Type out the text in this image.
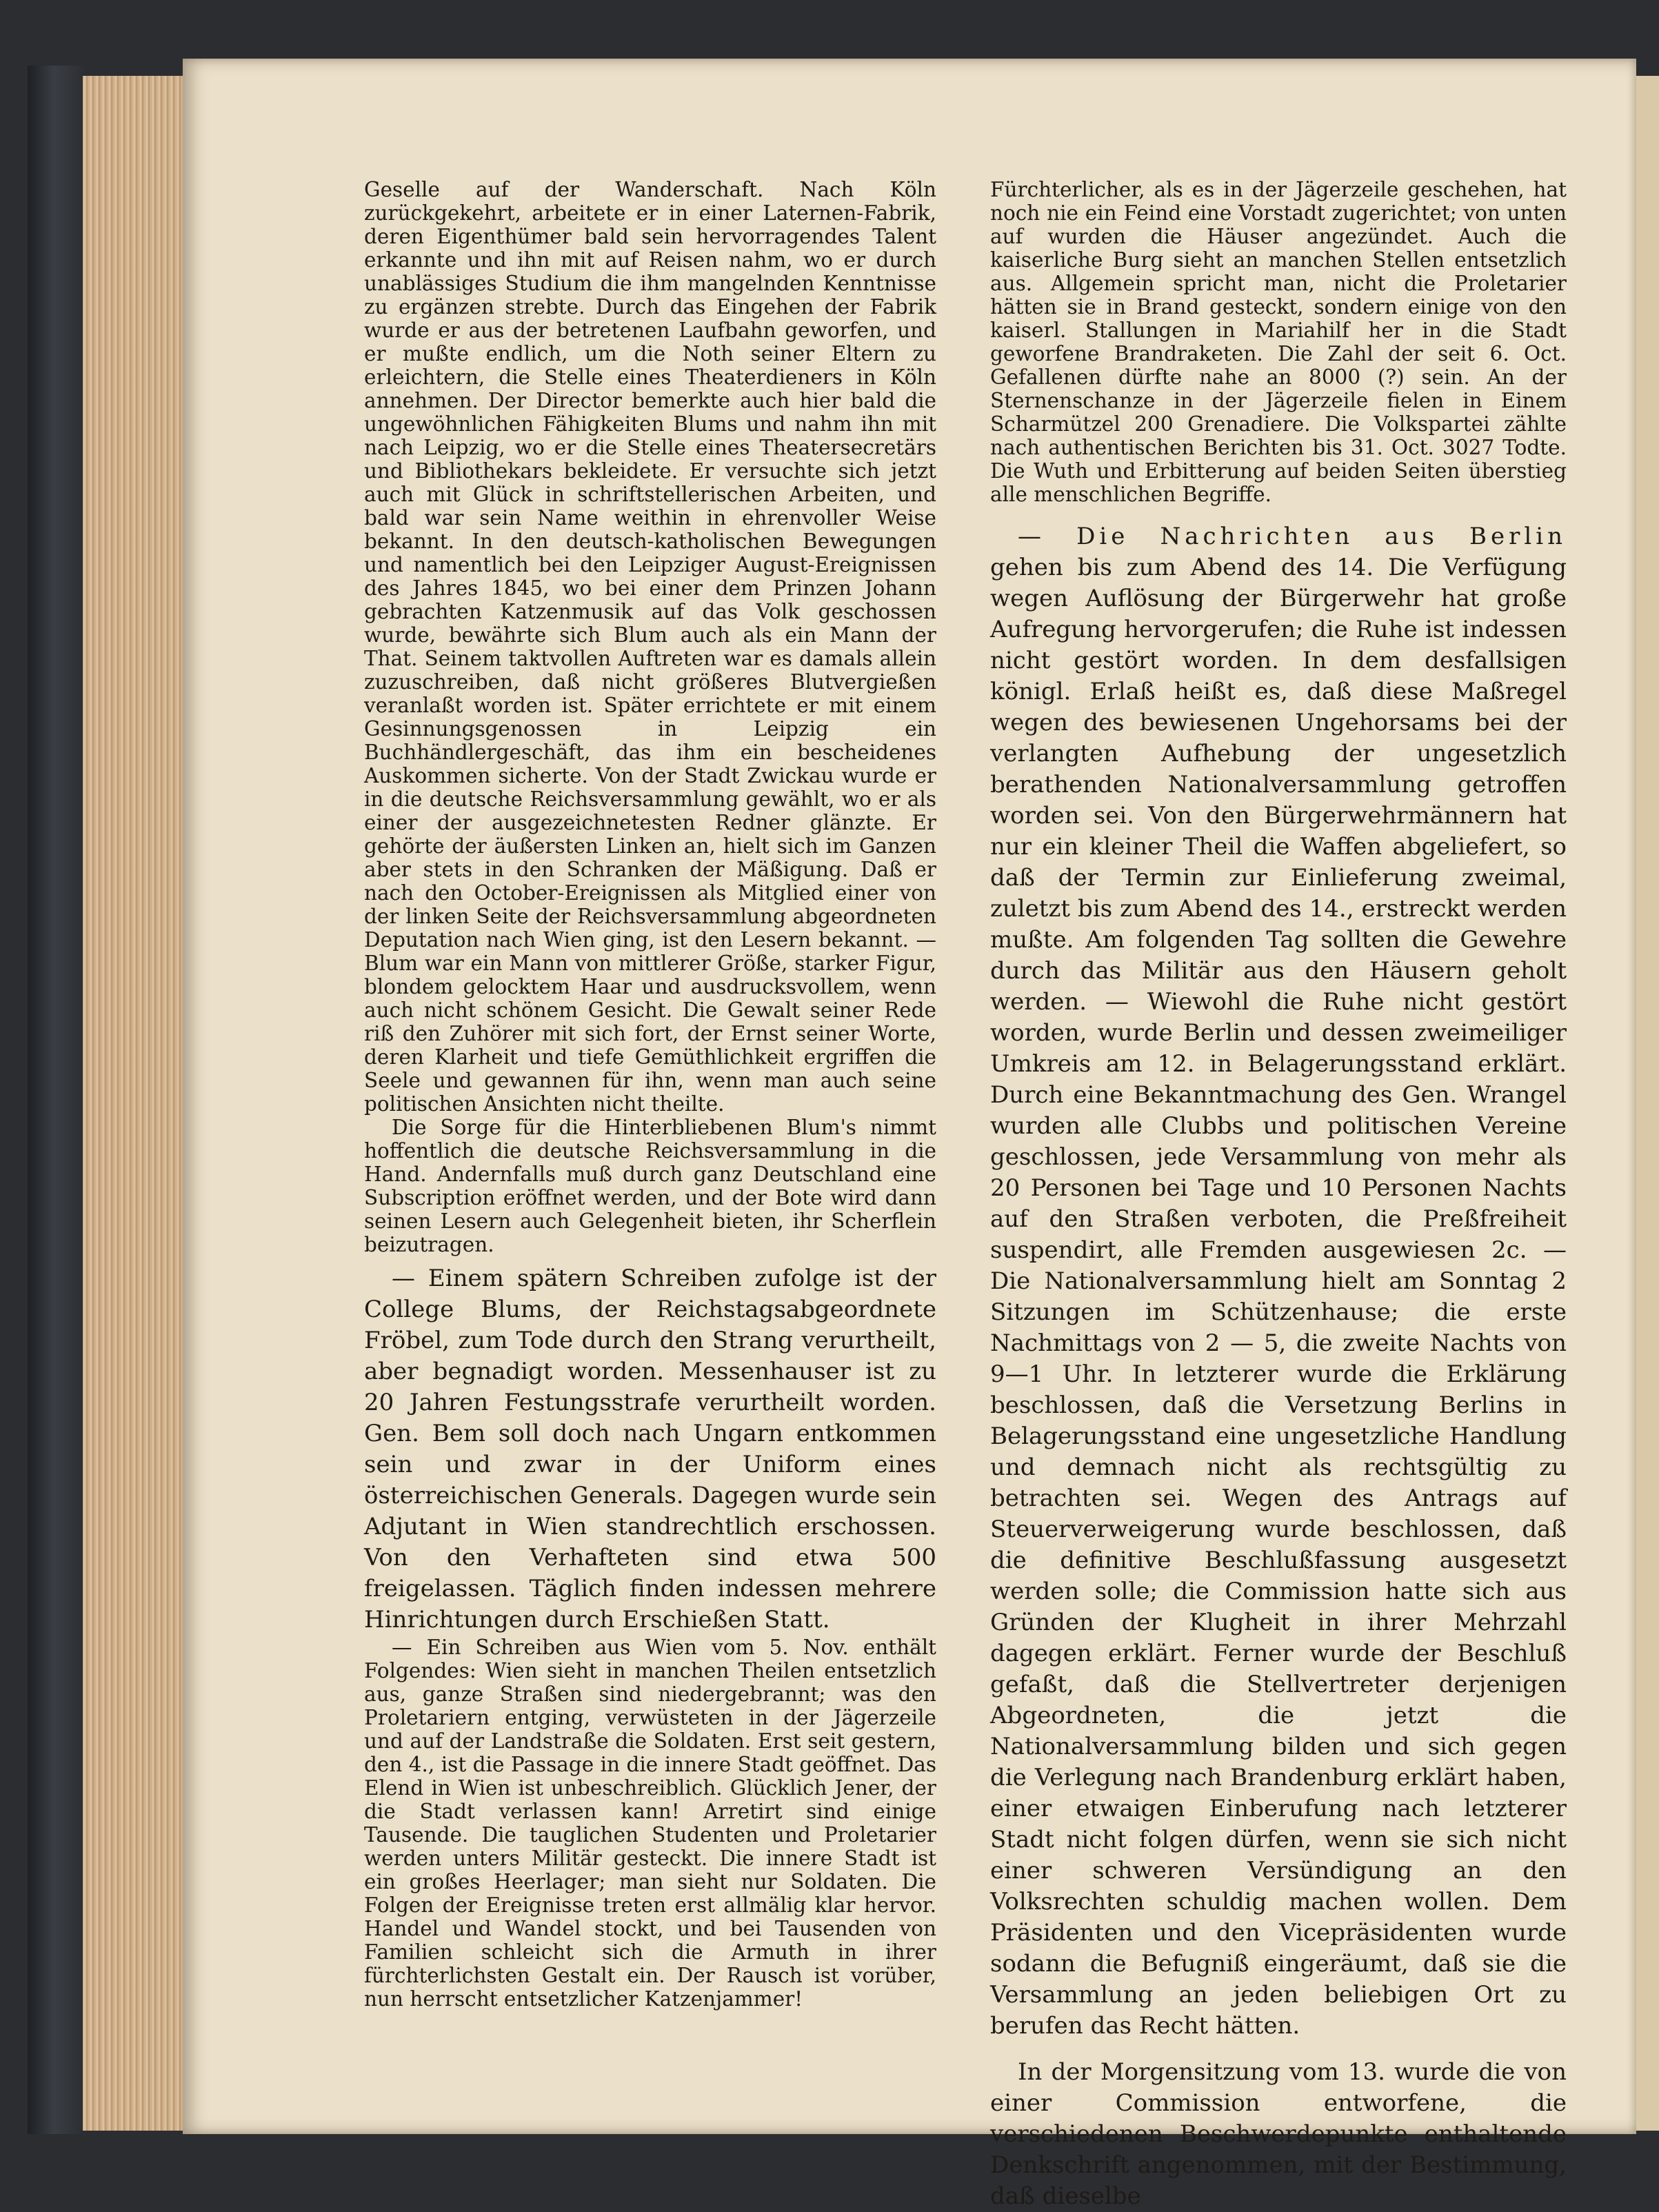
Geselle auf der Wanderschaft. Nach Köln zurückgekehrt, arbeitete er in einer Laternen-Fabrik, deren Eigenthümer bald sein hervorragendes Talent erkannte und ihn mit auf Reisen nahm, wo er durch unablässiges Studium die ihm mangelnden Kenntnisse zu ergänzen strebte. Durch das Eingehen der Fabrik wurde er aus der betretenen Laufbahn geworfen, und er mußte endlich, um die Noth seiner Eltern zu erleichtern, die Stelle eines Theaterdieners in Köln annehmen. Der Director bemerkte auch hier bald die ungewöhnlichen Fähigkeiten Blums und nahm ihn mit nach Leipzig, wo er die Stelle eines Theatersecretärs und Bibliothekars bekleidete. Er versuchte sich jetzt auch mit Glück in schriftstellerischen Arbeiten, und bald war sein Name weithin in ehrenvoller Weise bekannt. In den deutsch-katholischen Bewegungen und namentlich bei den Leipziger August-Ereignissen des Jahres 1845, wo bei einer dem Prinzen Johann gebrachten Katzenmusik auf das Volk geschossen wurde, bewährte sich Blum auch als ein Mann der That. Seinem taktvollen Auftreten war es damals allein zuzuschreiben, daß nicht größeres Blutvergießen veranlaßt worden ist. Später errichtete er mit einem Gesinnungsgenossen in Leipzig ein Buchhändlergeschäft, das ihm ein bescheidenes Auskommen sicherte. Von der Stadt Zwickau wurde er in die deutsche Reichsversammlung gewählt, wo er als einer der ausgezeichnetesten Redner glänzte. Er gehörte der äußersten Linken an, hielt sich im Ganzen aber stets in den Schranken der Mäßigung. Daß er nach den October-Ereignissen als Mitglied einer von der linken Seite der Reichsversammlung abgeordneten Deputation nach Wien ging, ist den Lesern bekannt. — Blum war ein Mann von mittlerer Größe, starker Figur, blondem gelocktem Haar und ausdrucksvollem, wenn auch nicht schönem Gesicht. Die Gewalt seiner Rede riß den Zuhörer mit sich fort, der Ernst seiner Worte, deren Klarheit und tiefe Gemüthlichkeit ergriffen die Seele und gewannen für ihn, wenn man auch seine politischen Ansichten nicht theilte.

Die Sorge für die Hinterbliebenen Blum's nimmt hoffentlich die deutsche Reichsversammlung in die Hand. Andernfalls muß durch ganz Deutschland eine Subscription eröffnet werden, und der Bote wird dann seinen Lesern auch Gelegenheit bieten, ihr Scherflein beizutragen.

— Einem spätern Schreiben zufolge ist der College Blums, der Reichstagsabgeordnete Fröbel, zum Tode durch den Strang verurtheilt, aber begnadigt worden. Messenhauser ist zu 20 Jahren Festungsstrafe verurtheilt worden. Gen. Bem soll doch nach Ungarn entkommen sein und zwar in der Uniform eines österreichischen Generals. Dagegen wurde sein Adjutant in Wien standrechtlich erschossen. Von den Verhafteten sind etwa 500 freigelassen. Täglich finden indessen mehrere Hinrichtungen durch Erschießen Statt.

— Ein Schreiben aus Wien vom 5. Nov. enthält Folgendes: Wien sieht in manchen Theilen entsetzlich aus, ganze Straßen sind niedergebrannt; was den Proletariern entging, verwüsteten in der Jägerzeile und auf der Landstraße die Soldaten. Erst seit gestern, den 4., ist die Passage in die innere Stadt geöffnet. Das Elend in Wien ist unbeschreiblich. Glücklich Jener, der die Stadt verlassen kann! Arretirt sind einige Tausende. Die tauglichen Studenten und Proletarier werden unters Militär gesteckt. Die innere Stadt ist ein großes Heerlager; man sieht nur Soldaten. Die Folgen der Ereignisse treten erst allmälig klar hervor. Handel und Wandel stockt, und bei Tausenden von Familien schleicht sich die Armuth in ihrer fürchterlichsten Gestalt ein. Der Rausch ist vorüber, nun herrscht entsetzlicher Katzenjammer!

Fürchterlicher, als es in der Jägerzeile geschehen, hat noch nie ein Feind eine Vorstadt zugerichtet; von unten auf wurden die Häuser angezündet. Auch die kaiserliche Burg sieht an manchen Stellen entsetzlich aus. Allgemein spricht man, nicht die Proletarier hätten sie in Brand gesteckt, sondern einige von den kaiserl. Stallungen in Mariahilf her in die Stadt geworfene Brandraketen. Die Zahl der seit 6. Oct. Gefallenen dürfte nahe an 8000 (?) sein. An der Sternenschanze in der Jägerzeile fielen in Einem Scharmützel 200 Grenadiere. Die Volkspartei zählte nach authentischen Berichten bis 31. Oct. 3027 Todte. Die Wuth und Erbitterung auf beiden Seiten überstieg alle menschlichen Begriffe.

— Die Nachrichten aus Berlin gehen bis zum Abend des 14. Die Verfügung wegen Auflösung der Bürgerwehr hat große Aufregung hervorgerufen; die Ruhe ist indessen nicht gestört worden. In dem desfallsigen königl. Erlaß heißt es, daß diese Maßregel wegen des bewiesenen Ungehorsams bei der verlangten Aufhebung der ungesetzlich berathenden Nationalversammlung getroffen worden sei. Von den Bürgerwehrmännern hat nur ein kleiner Theil die Waffen abgeliefert, so daß der Termin zur Einlieferung zweimal, zuletzt bis zum Abend des 14., erstreckt werden mußte. Am folgenden Tag sollten die Gewehre durch das Militär aus den Häusern geholt werden. — Wiewohl die Ruhe nicht gestört worden, wurde Berlin und dessen zweimeiliger Umkreis am 12. in Belagerungsstand erklärt. Durch eine Bekanntmachung des Gen. Wrangel wurden alle Clubbs und politischen Vereine geschlossen, jede Versammlung von mehr als 20 Personen bei Tage und 10 Personen Nachts auf den Straßen verboten, die Preßfreiheit suspendirt, alle Fremden ausgewiesen 2c. — Die Nationalversammlung hielt am Sonntag 2 Sitzungen im Schützenhause; die erste Nachmittags von 2 — 5, die zweite Nachts von 9—1 Uhr. In letzterer wurde die Erklärung beschlossen, daß die Versetzung Berlins in Belagerungsstand eine ungesetzliche Handlung und demnach nicht als rechtsgültig zu betrachten sei. Wegen des Antrags auf Steuerverweigerung wurde beschlossen, daß die definitive Beschlußfassung ausgesetzt werden solle; die Commission hatte sich aus Gründen der Klugheit in ihrer Mehrzahl dagegen erklärt. Ferner wurde der Beschluß gefaßt, daß die Stellvertreter derjenigen Abgeordneten, die jetzt die Nationalversammlung bilden und sich gegen die Verlegung nach Brandenburg erklärt haben, einer etwaigen Einberufung nach letzterer Stadt nicht folgen dürfen, wenn sie sich nicht einer schweren Versündigung an den Volksrechten schuldig machen wollen. Dem Präsidenten und den Vicepräsidenten wurde sodann die Befugniß eingeräumt, daß sie die Versammlung an jeden beliebigen Ort zu berufen das Recht hätten.

In der Morgensitzung vom 13. wurde die von einer Commission entworfene, die verschiedenen Beschwerdepunkte enthaltende Denkschrift angenommen, mit der Bestimmung, daß dieselbe
